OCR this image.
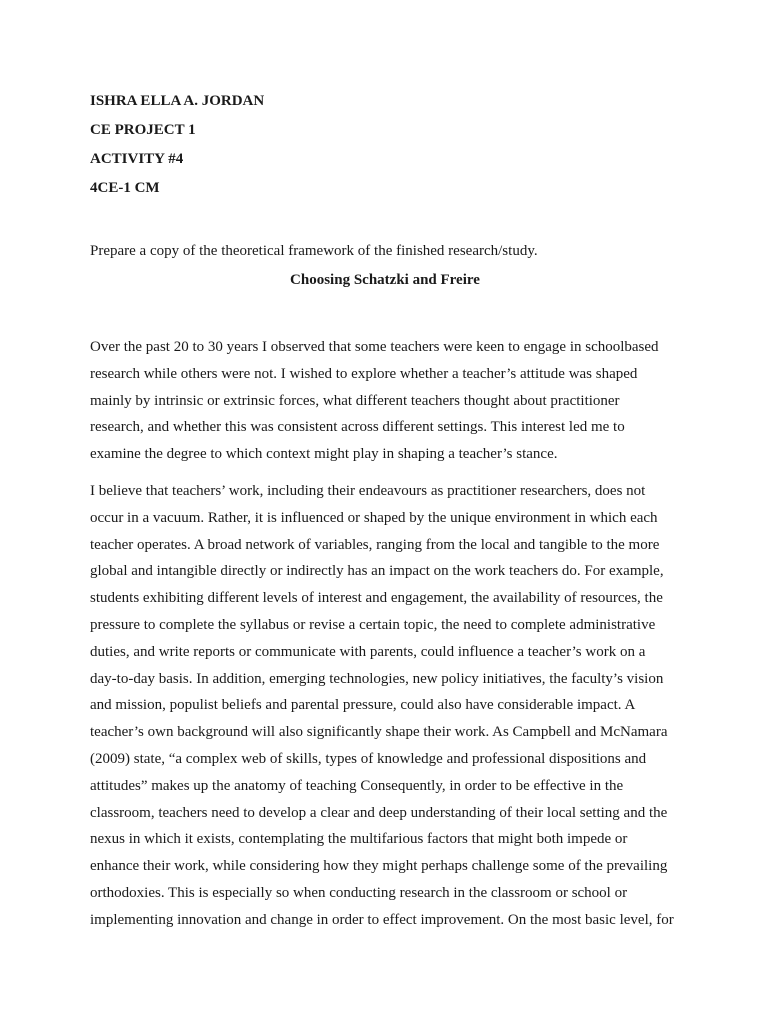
ISHRA ELLA A. JORDAN

CE PROJECT 1

ACTIVITY #4

4CE-1 CM

Prepare a copy of the theoretical framework of the finished research/study.

Choosing Schatzki and Freire

Over the past 20 to 30 years I observed that some teachers were keen to engage in schoolbased
research while others were not. I wished to explore whether a teacher’s attitude was shaped
mainly by intrinsic or extrinsic forces, what different teachers thought about practitioner
research, and whether this was consistent across different settings. This interest led me to
examine the degree to which context might play in shaping a teacher’s stance.

I believe that teachers’ work, including their endeavours as practitioner researchers, does not
occur in a vacuum. Rather, it is influenced or shaped by the unique environment in which each
teacher operates. A broad network of variables, ranging from the local and tangible to the more
global and intangible directly or indirectly has an impact on the work teachers do. For example,
students exhibiting different levels of interest and engagement, the availability of resources, the
pressure to complete the syllabus or revise a certain topic, the need to complete administrative
duties, and write reports or communicate with parents, could influence a teacher’s work on a
day-to-day basis. In addition, emerging technologies, new policy initiatives, the faculty’s vision
and mission, populist beliefs and parental pressure, could also have considerable impact. A
teacher’s own background will also significantly shape their work. As Campbell and McNamara
(2009) state, “a complex web of skills, types of knowledge and professional dispositions and
attitudes” makes up the anatomy of teaching Consequently, in order to be effective in the
classroom, teachers need to develop a clear and deep understanding of their local setting and the
nexus in which it exists, contemplating the multifarious factors that might both impede or
enhance their work, while considering how they might perhaps challenge some of the prevailing
orthodoxies. This is especially so when conducting research in the classroom or school or
implementing innovation and change in order to effect improvement. On the most basic level, for
